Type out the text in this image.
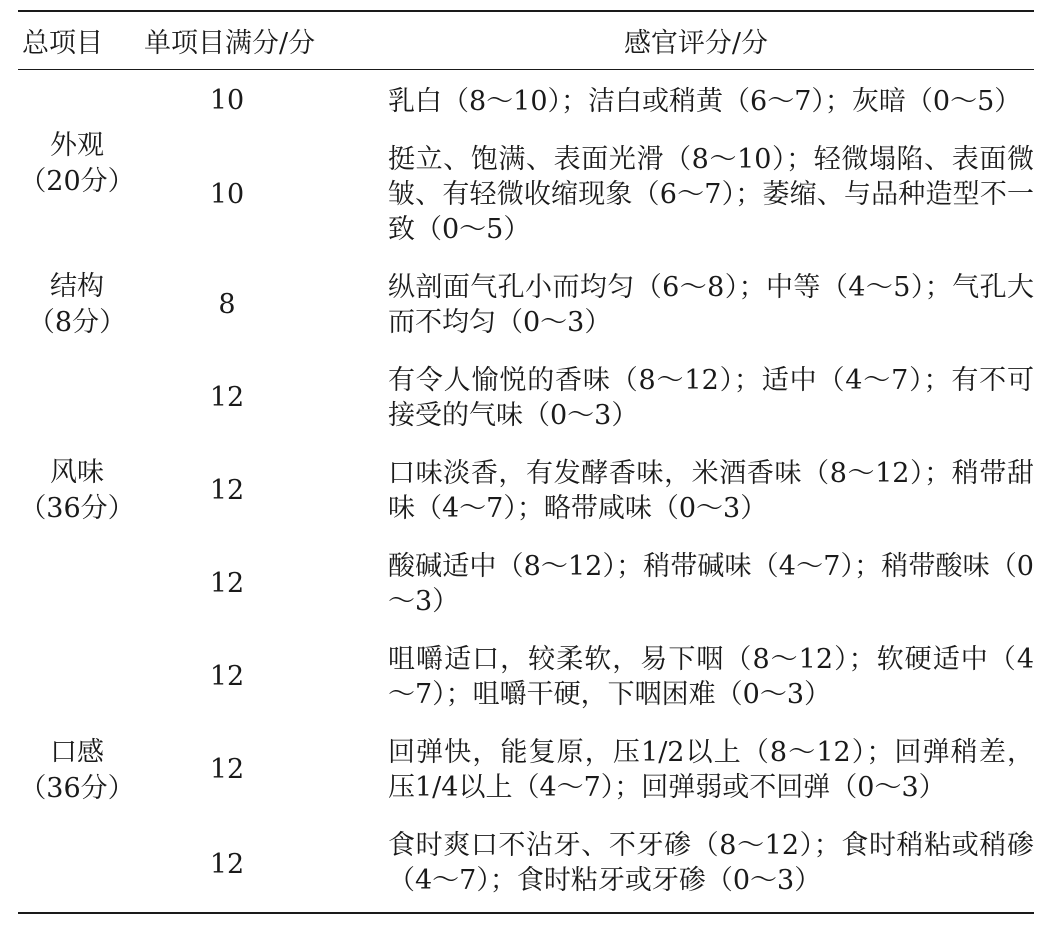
总项目	单项目满分/分	感官评分/分

外观
（20分）	10	乳白（8～10）；洁白或稍黄（6～7）；灰暗（0～5）
	10	挺立、饱满、表面光滑（8～10）；轻微塌陷、表面微皱、有轻微收缩现象（6～7）；萎缩、与品种造型不一致（0～5）

结构
（8分）	8	纵剖面气孔小而均匀（6～8）；中等（4～5）；气孔大而不均匀（0～3）

风味
（36分）	12	有令人愉悦的香味（8～12）；适中（4～7）；有不可接受的气味（0～3）
	12	口味淡香，有发酵香味，米酒香味（8～12）；稍带甜味（4～7）；略带咸味（0～3）
	12	酸碱适中（8～12）；稍带碱味（4～7）；稍带酸味（0～3）

口感
（36分）	12	咀嚼适口，较柔软，易下咽（8～12）；软硬适中（4～7）；咀嚼干硬，下咽困难（0～3）
	12	回弹快，能复原，压1/2以上（8～12）；回弹稍差，压1/4以上（4～7）；回弹弱或不回弹（0～3）
	12	食时爽口不沾牙、不牙碜（8～12）；食时稍粘或稍碜（4～7）；食时粘牙或牙碜（0～3）
